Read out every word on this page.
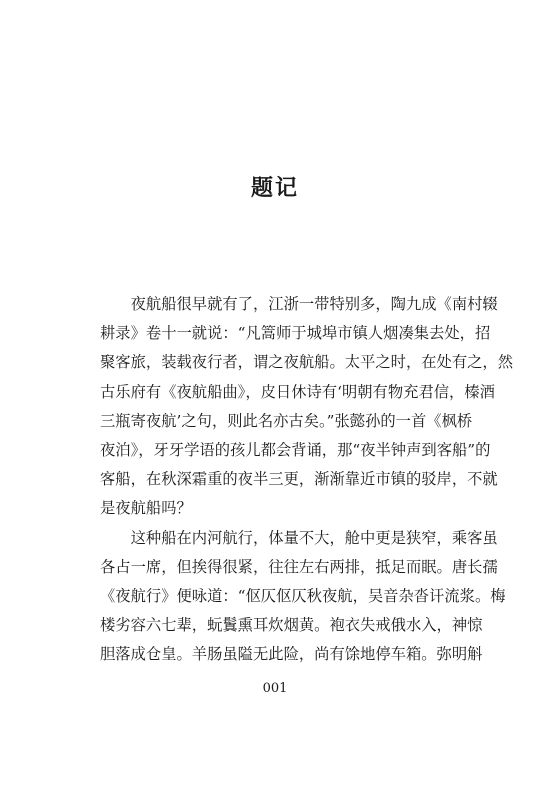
题记

　　夜航船很早就有了，江浙一带特别多，陶九成《南村辍

耕录》卷十一就说：“凡篙师于城埠市镇人烟凑集去处，招

聚客旅，装载夜行者，谓之夜航船。太平之时，在处有之，然

古乐府有《夜航船曲》，皮日休诗有‘明朝有物充君信，榛酒

三瓶寄夜航’之句，则此名亦古矣。”张懿孙的一首《枫桥

夜泊》，牙牙学语的孩儿都会背诵，那“夜半钟声到客船”的

客船，在秋深霜重的夜半三更，渐渐靠近市镇的驳岸，不就

是夜航船吗？

　　这种船在内河航行，体量不大，舱中更是狭窄，乘客虽

各占一席，但挨得很紧，往往左右两排，抵足而眠。唐长孺

《夜航行》便咏道：“伛仄伛仄秋夜航，吴音杂沓讦流浆。梅

楼劣容六七辈，蚖鬒熏耳炊烟黄。袍衣失戒俄水入，神惊

胆落成仓皇。羊肠虽隘无此险，尚有馀地停车箱。弥明斛

001
